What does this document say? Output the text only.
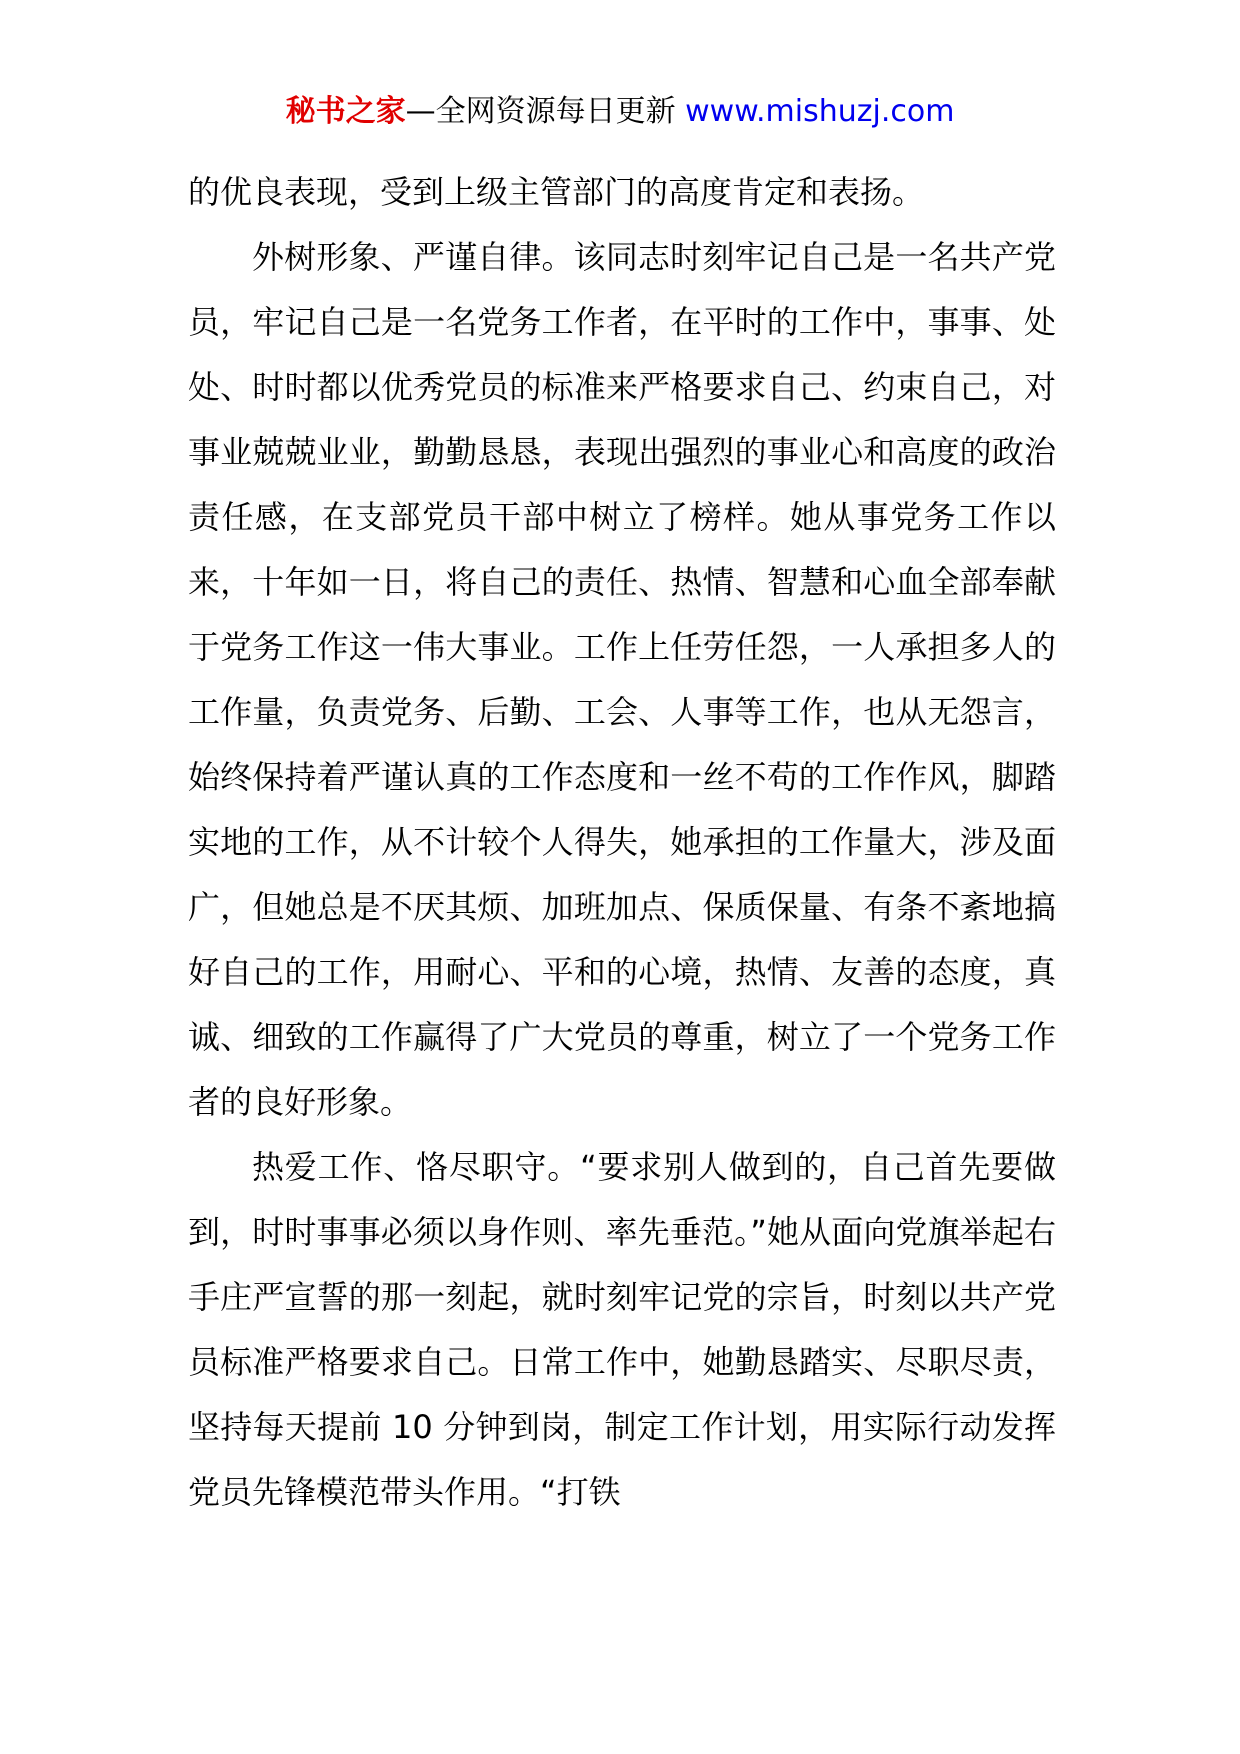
秘书之家—全网资源每日更新 www.mishuzj.com

的优良表现，受到上级主管部门的高度肯定和表扬。

外树形象、严谨自律。该同志时刻牢记自己是一名共产党员，牢记自己是一名党务工作者，在平时的工作中，事事、处处、时时都以优秀党员的标准来严格要求自己、约束自己，对事业兢兢业业，勤勤恳恳，表现出强烈的事业心和高度的政治责任感，在支部党员干部中树立了榜样。她从事党务工作以来，十年如一日，将自己的责任、热情、智慧和心血全部奉献于党务工作这一伟大事业。工作上任劳任怨，一人承担多人的工作量，负责党务、后勤、工会、人事等工作，也从无怨言，始终保持着严谨认真的工作态度和一丝不苟的工作作风，脚踏实地的工作，从不计较个人得失，她承担的工作量大，涉及面广，但她总是不厌其烦、加班加点、保质保量、有条不紊地搞好自己的工作，用耐心、平和的心境，热情、友善的态度，真诚、细致的工作赢得了广大党员的尊重，树立了一个党务工作者的良好形象。

热爱工作、恪尽职守。“要求别人做到的，自己首先要做到，时时事事必须以身作则、率先垂范。”她从面向党旗举起右手庄严宣誓的那一刻起，就时刻牢记党的宗旨，时刻以共产党员标准严格要求自己。日常工作中，她勤恳踏实、尽职尽责，坚持每天提前 10 分钟到岗，制定工作计划，用实际行动发挥党员先锋模范带头作用。“打铁
